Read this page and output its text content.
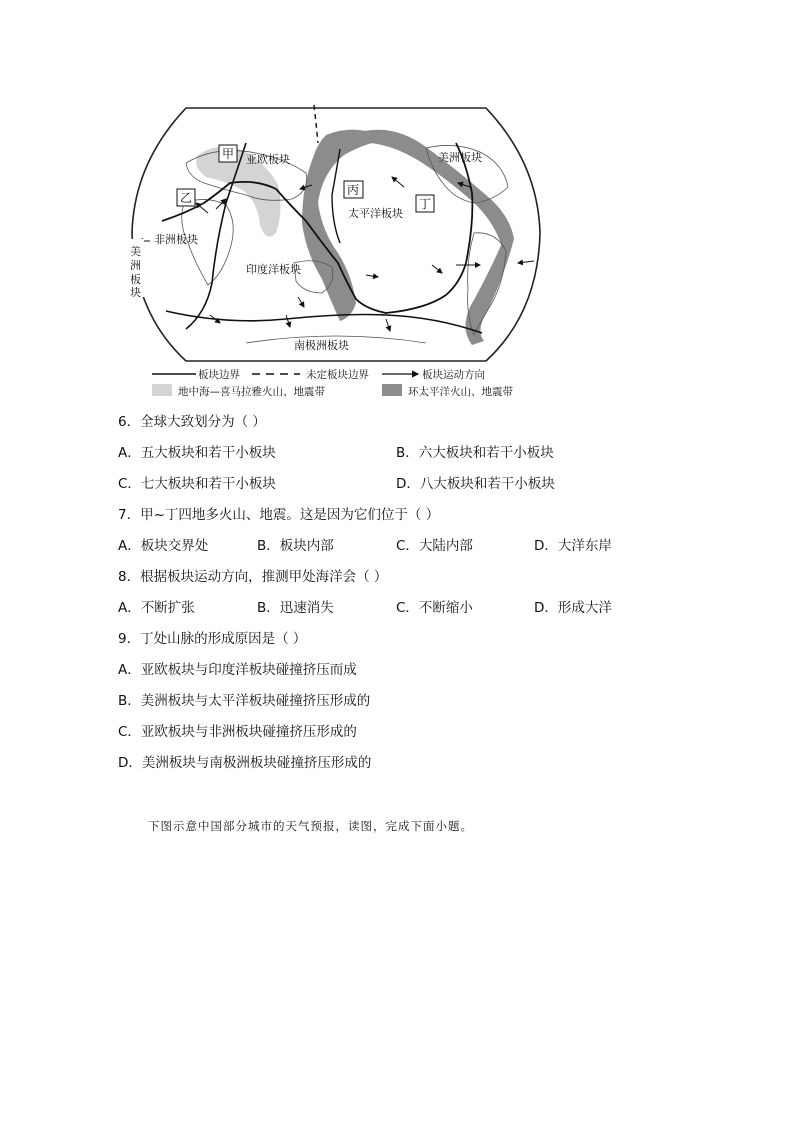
亚欧板块	美洲板块
太平洋板块
非洲板块
印度洋板块
南极洲板块
美
洲
板
块
甲
乙
丙
丁
板块边界	未定板块边界	板块运动方向
地中海—喜马拉雅火山、地震带	环太平洋火山、地震带
6．全球大致划分为（ ）
A．五大板块和若干小板块	B．六大板块和若干小板块
C．七大板块和若干小板块	D．八大板块和若干小板块
7．甲~丁四地多火山、地震。这是因为它们位于（ ）
A．板块交界处	B．板块内部	C．大陆内部	D．大洋东岸
8．根据板块运动方向，推测甲处海洋会（ ）
A．不断扩张	B．迅速消失	C．不断缩小	D．形成大洋
9．丁处山脉的形成原因是（ ）
A．亚欧板块与印度洋板块碰撞挤压而成
B．美洲板块与太平洋板块碰撞挤压形成的
C．亚欧板块与非洲板块碰撞挤压形成的
D．美洲板块与南极洲板块碰撞挤压形成的
下图示意中国部分城市的天气预报，读图，完成下面小题。
